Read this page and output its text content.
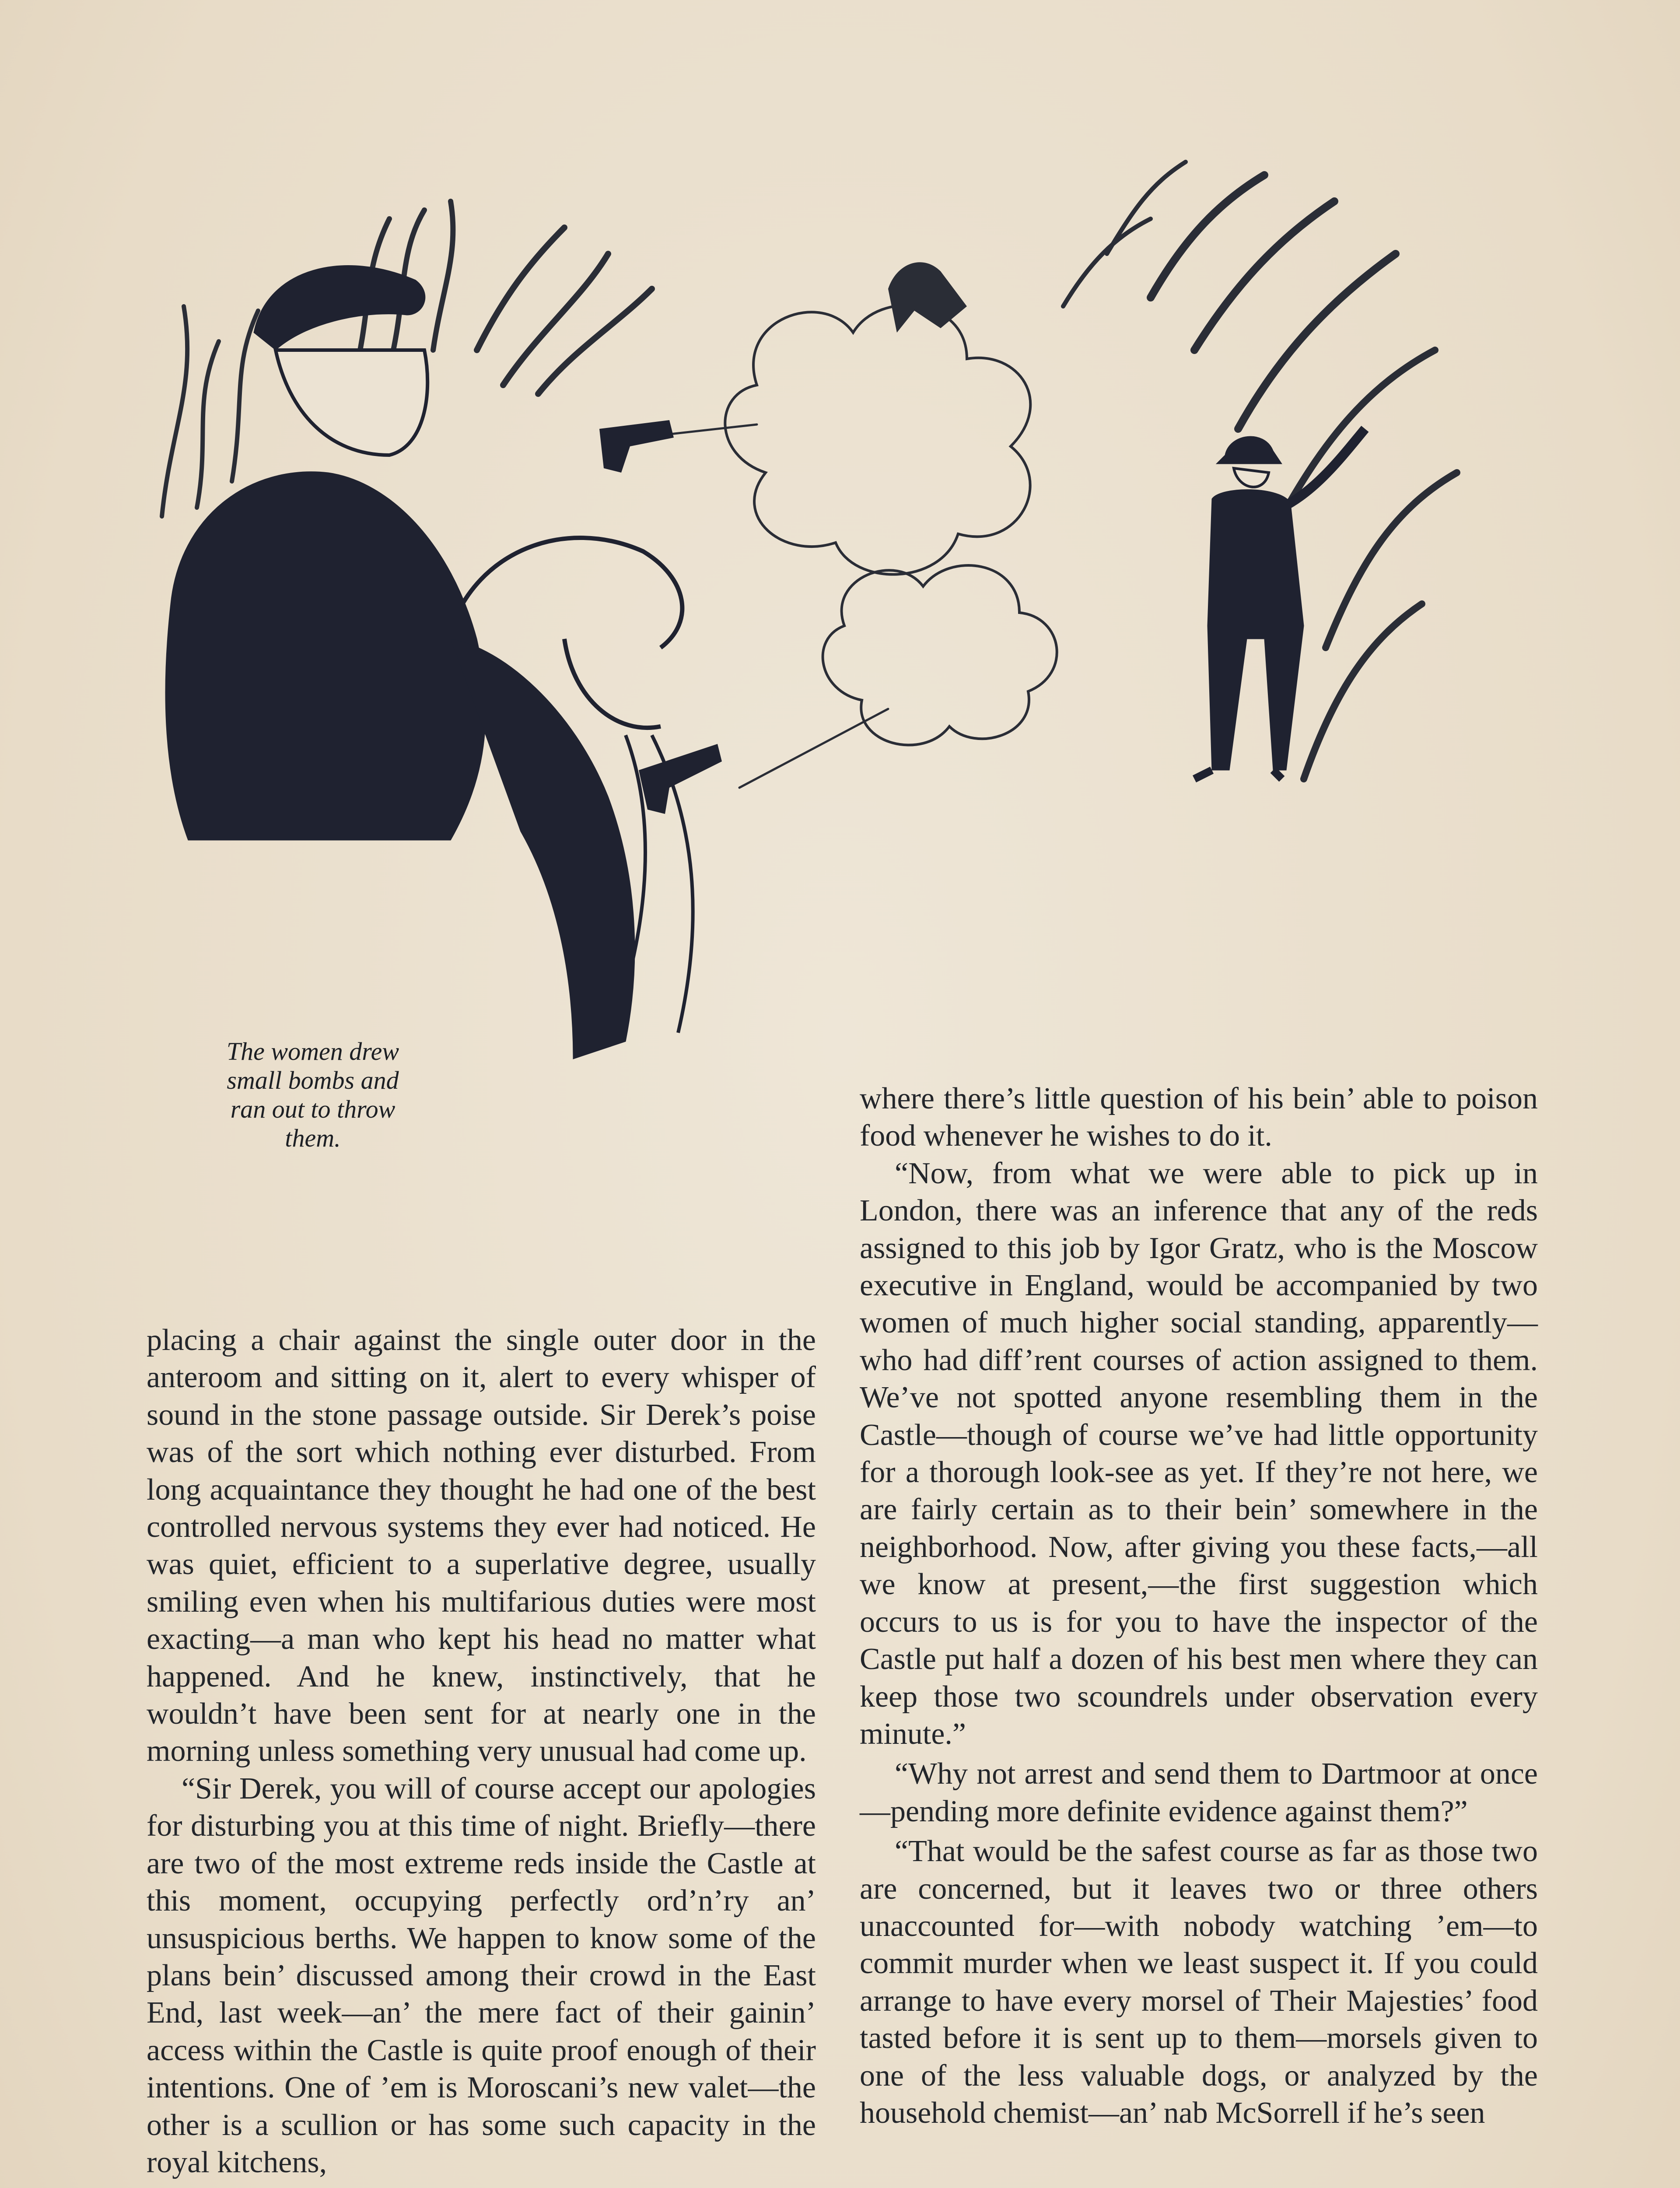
The women drew
small bombs and
ran out to throw
them.

where there’s little question of his bein’ able to poison food whenever he wishes to do it.

“Now, from what we were able to pick up in London, there was an inference that any of the reds assigned to this job by Igor Gratz, who is the Moscow executive in England, would be accompanied by two women of much higher social standing, apparently—who had diff’rent courses of action assigned to them. We’ve not spotted anyone resembling them in the Castle—though of course we’ve had little opportunity for a thorough look-see as yet. If they’re not here, we are fairly certain as to their bein’ somewhere in the neighborhood. Now, after giving you these facts,—all we know at present,—the first suggestion which occurs to us is for you to have the inspector of the Castle put half a dozen of his best men where they can keep those two scoundrels under observation every minute.”

“Why not arrest and send them to Dartmoor at once—pending more definite evidence against them?”

“That would be the safest course as far as those two are concerned, but it leaves two or three others unaccounted for—with nobody watching ’em—to commit murder when we least suspect it. If you could arrange to have every morsel of Their Majesties’ food tasted before it is sent up to them—morsels given to one of the less valuable dogs, or analyzed by the household chemist—an’ nab McSorrell if he’s seen

placing a chair against the single outer door in the anteroom and sitting on it, alert to every whisper of sound in the stone passage outside. Sir Derek’s poise was of the sort which nothing ever disturbed. From long acquaintance they thought he had one of the best controlled nervous systems they ever had noticed. He was quiet, efficient to a superlative degree, usually smiling even when his multifarious duties were most exacting—a man who kept his head no matter what happened. And he knew, instinctively, that he wouldn’t have been sent for at nearly one in the morning unless something very unusual had come up.

“Sir Derek, you will of course accept our apologies for disturbing you at this time of night. Briefly—there are two of the most extreme reds inside the Castle at this moment, occupying perfectly ord’n’ry an’ unsuspicious berths. We happen to know some of the plans bein’ discussed among their crowd in the East End, last week—an’ the mere fact of their gainin’ access within the Castle is quite proof enough of their intentions. One of ’em is Moroscani’s new valet—the other is a scullion or has some such capacity in the royal kitchens,
